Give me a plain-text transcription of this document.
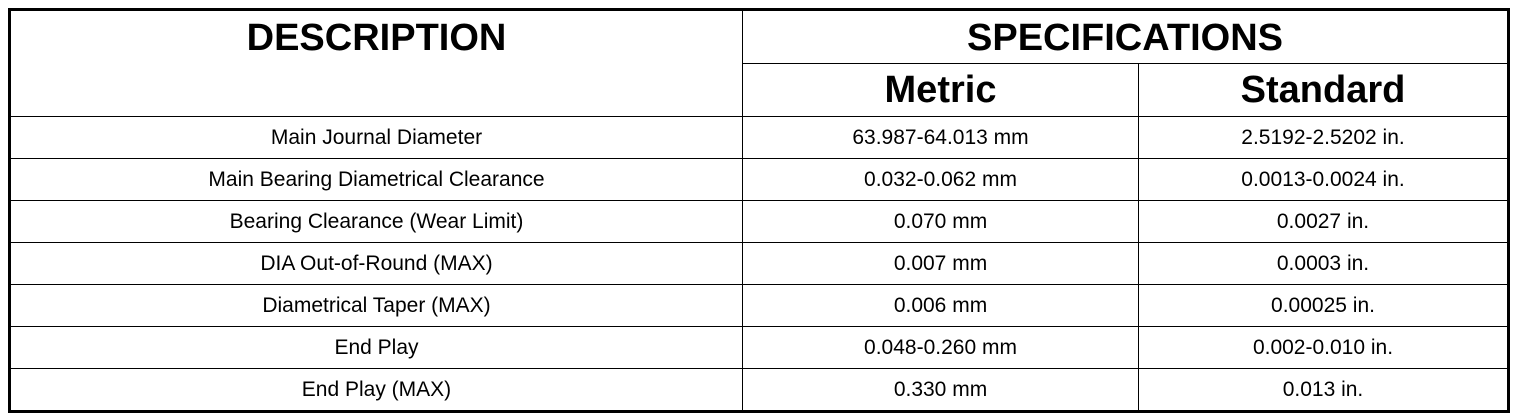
DESCRIPTION	SPECIFICATIONS	
	Metric	Standard
Main Journal Diameter	63.987-64.013 mm	2.5192-2.5202 in.
Main Bearing Diametrical Clearance	0.032-0.062 mm	0.0013-0.0024 in.
Bearing Clearance (Wear Limit)	0.070 mm	0.0027 in.
DIA Out-of-Round (MAX)	0.007 mm	0.0003 in.
Diametrical Taper (MAX)	0.006 mm	0.00025 in.
End Play	0.048-0.260 mm	0.002-0.010 in.
End Play (MAX)	0.330 mm	0.013 in.
